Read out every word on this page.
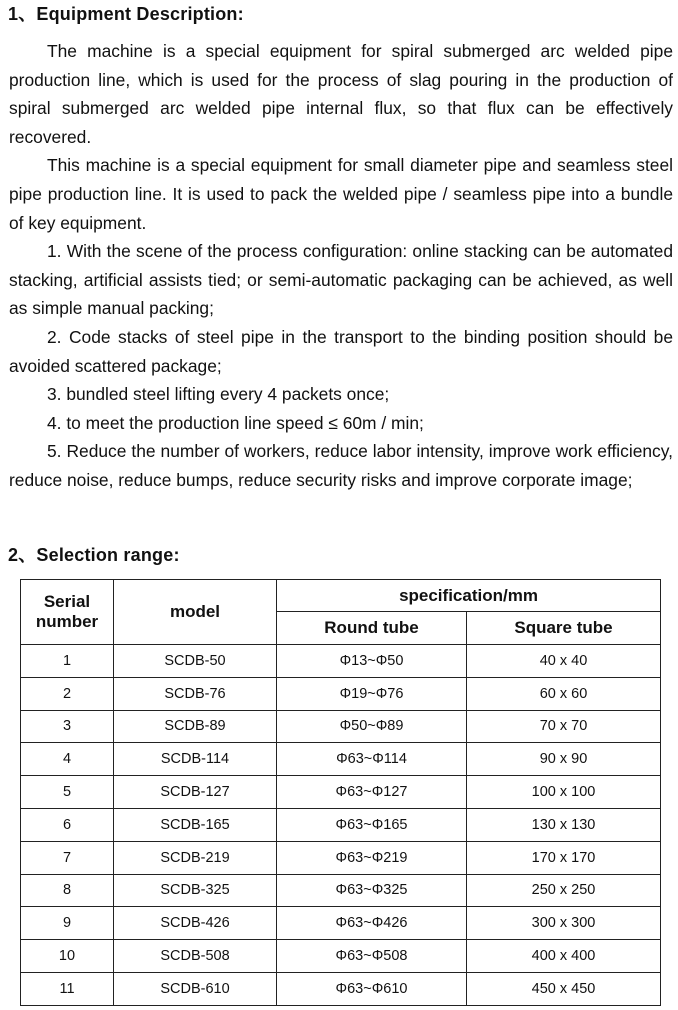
1、Equipment Description:

The machine is a special equipment for spiral submerged arc welded pipe production line, which is used for the process of slag pouring in the production of spiral submerged arc welded pipe internal flux, so that flux can be effectively recovered.

This machine is a special equipment for small diameter pipe and seamless steel pipe production line. It is used to pack the welded pipe / seamless pipe into a bundle of key equipment.

1. With the scene of the process configuration: online stacking can be automated stacking, artificial assists tied; or semi-automatic packaging can be achieved, as well as simple manual packing;

2. Code stacks of steel pipe in the transport to the binding position should be avoided scattered package;

3. bundled steel lifting every 4 packets once;

4. to meet the production line speed ≤ 60m / min;

5. Reduce the number of workers, reduce labor intensity, improve work efficiency, reduce noise, reduce bumps, reduce security risks and improve corporate image;

2、Selection range:
Serial
number	model	specification/mm	
		Round tube	Square tube
1	SCDB-50	Φ13~Φ50	40 x 40
2	SCDB-76	Φ19~Φ76	60 x 60
3	SCDB-89	Φ50~Φ89	70 x 70
4	SCDB-114	Φ63~Φ114	90 x 90
5	SCDB-127	Φ63~Φ127	100 x 100
6	SCDB-165	Φ63~Φ165	130 x 130
7	SCDB-219	Φ63~Φ219	170 x 170
8	SCDB-325	Φ63~Φ325	250 x 250
9	SCDB-426	Φ63~Φ426	300 x 300
10	SCDB-508	Φ63~Φ508	400 x 400
11	SCDB-610	Φ63~Φ610	450 x 450
